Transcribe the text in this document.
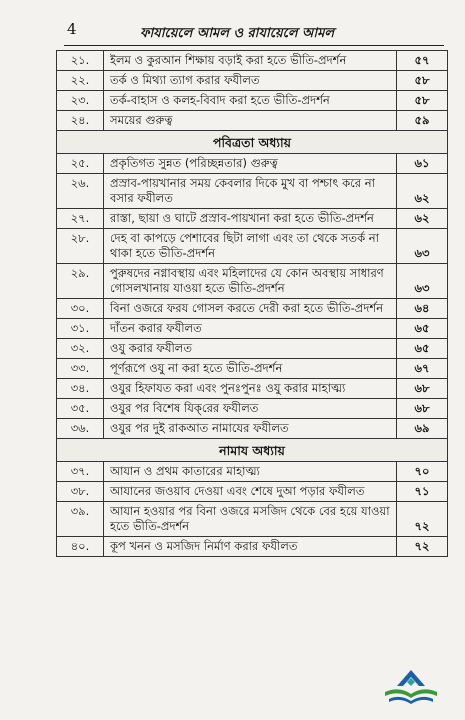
4	ফাযায়েলে আমল ও রাযায়েলে আমল
২১.	ইলম ও কুরআন শিক্ষায় বড়াই করা হতে ভীতি-প্রদর্শন	৫৭
২২.	তর্ক ও মিথ্যা ত্যাগ করার ফযীলত	৫৮
২৩.	তর্ক-বাহাস ও কলহ-বিবাদ করা হতে ভীতি-প্রদর্শন	৫৮
২৪.	সময়ের গুরুত্ব	৫৯
পবিত্রতা অধ্যায়		
২৫.	প্রকৃতিগত সুন্নত (পরিচ্ছন্নতার) গুরুত্ব	৬১
২৬.	প্রস্রাব-পায়খানার সময় কেবলার দিকে মুখ বা পশ্চাৎ করে না বসার ফযীলত	৬২
২৭.	রাস্তা, ছায়া ও ঘাটে প্রস্রাব-পায়খানা করা হতে ভীতি-প্রদর্শন	৬২
২৮.	দেহ বা কাপড়ে পেশাবের ছিটা লাগা এবং তা থেকে সতর্ক না থাকা হতে ভীতি-প্রদর্শন	৬৩
২৯.	পুরুষদের নগ্নাবস্থায় এবং মহিলাদের যে কোন অবস্থায় সাধারণ গোসলখানায় যাওয়া হতে ভীতি-প্রদর্শন	৬৩
৩০.	বিনা ওজরে ফরয গোসল করতে দেরী করা হতে ভীতি-প্রদর্শন	৬৪
৩১.	দাঁতন করার ফযীলত	৬৫
৩২.	ওযু করার ফযীলত	৬৫
৩৩.	পূর্ণরূপে ওযু না করা হতে ভীতি-প্রদর্শন	৬৭
৩৪.	ওযুর হিফাযত করা এবং পুনঃপুনঃ ওযু করার মাহাত্ম্য	৬৮
৩৫.	ওযুর পর বিশেষ যিক্‌রের ফযীলত	৬৮
৩৬.	ওযুর পর দুই রাকআত নামাযের ফযীলত	৬৯
নামায অধ্যায়		
৩৭.	আযান ও প্রথম কাতারের মাহাত্ম্য	৭০
৩৮.	আযানের জওয়াব দেওয়া এবং শেষে দুআ পড়ার ফযীলত	৭১
৩৯.	আযান হওয়ার পর বিনা ওজরে মসজিদ থেকে বের হয়ে যাওয়া হতে ভীতি-প্রদর্শন	৭২
৪০.	কূপ খনন ও মসজিদ নির্মাণ করার ফযীলত	৭২
